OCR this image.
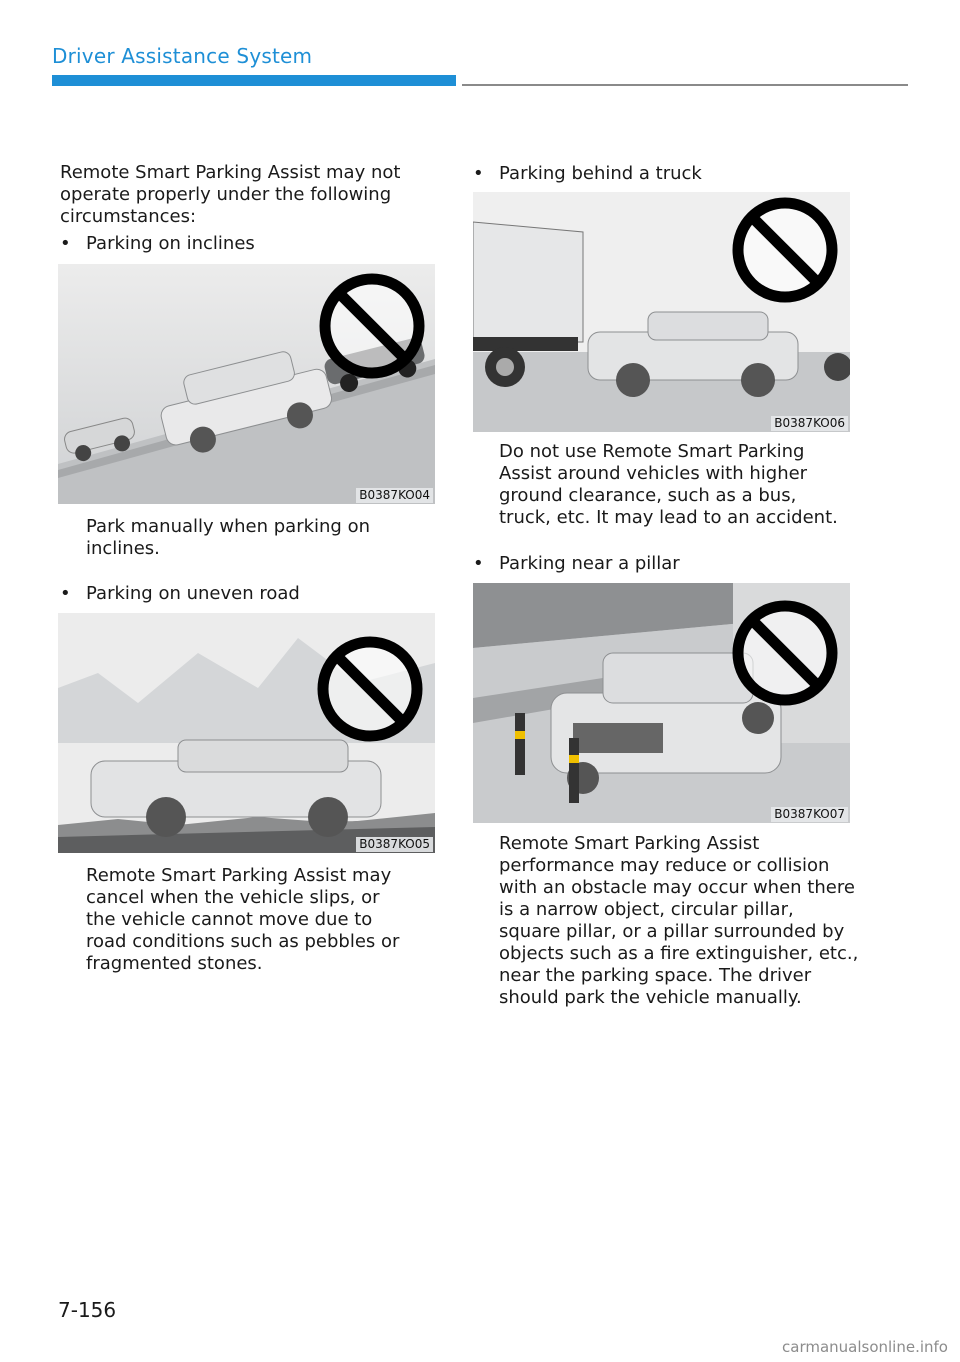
Driver Assistance System

Remote Smart Parking Assist may not operate properly under the following circumstances:

• Parking on inclines
B0387KO04

Park manually when parking on inclines.

• Parking on uneven road
B0387KO05

Remote Smart Parking Assist may cancel when the vehicle slips, or the vehicle cannot move due to road conditions such as pebbles or fragmented stones.

• Parking behind a truck
B0387KO06

Do not use Remote Smart Parking Assist around vehicles with higher ground clearance, such as a bus, truck, etc. It may lead to an accident.

• Parking near a pillar
B0387KO07

Remote Smart Parking Assist performance may reduce or collision with an obstacle may occur when there is a narrow object, circular pillar, square pillar, or a pillar surrounded by objects such as a fire extinguisher, etc., near the parking space. The driver should park the vehicle manually.

7-156
carmanualsonline.info
